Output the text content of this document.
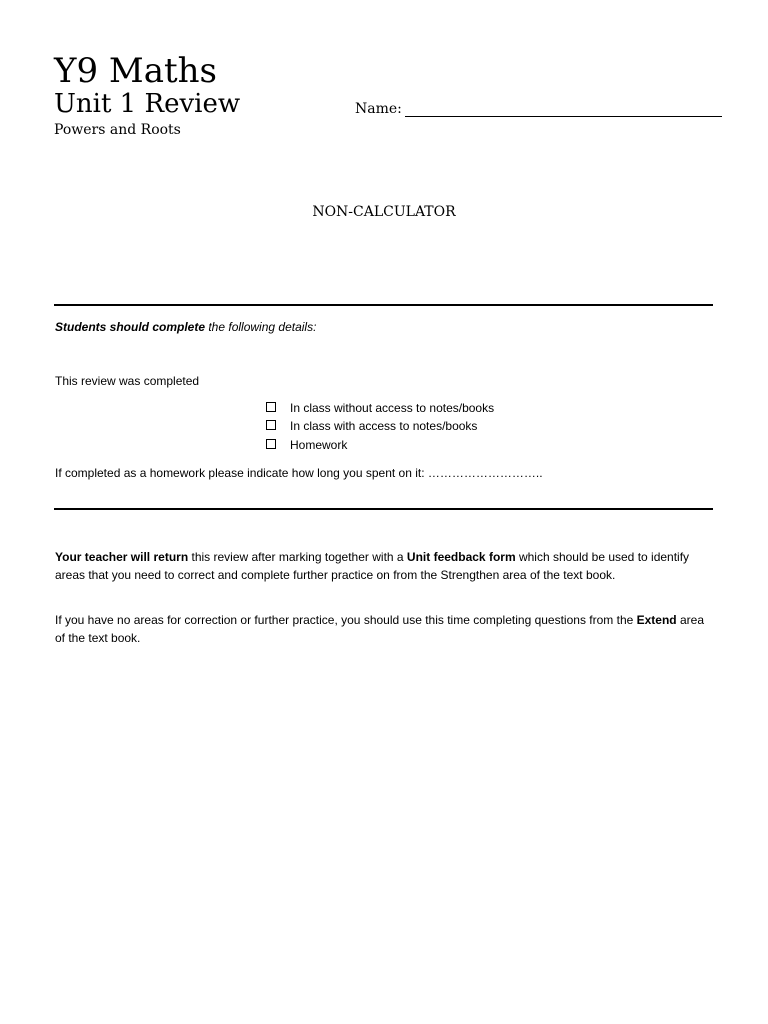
Y9 Maths
Unit 1 Review
Powers and Roots
Name:
NON-CALCULATOR
Students should complete the following details:
This review was completed
In class without access to notes/books
In class with access to notes/books
Homework
If completed as a homework please indicate how long you spent on it: ………………………..
Your teacher will return this review after marking together with a Unit feedback form which should be used to identify areas that you need to correct and complete further practice on from the Strengthen area of the text book.
If you have no areas for correction or further practice, you should use this time completing questions from the Extend area of the text book.
